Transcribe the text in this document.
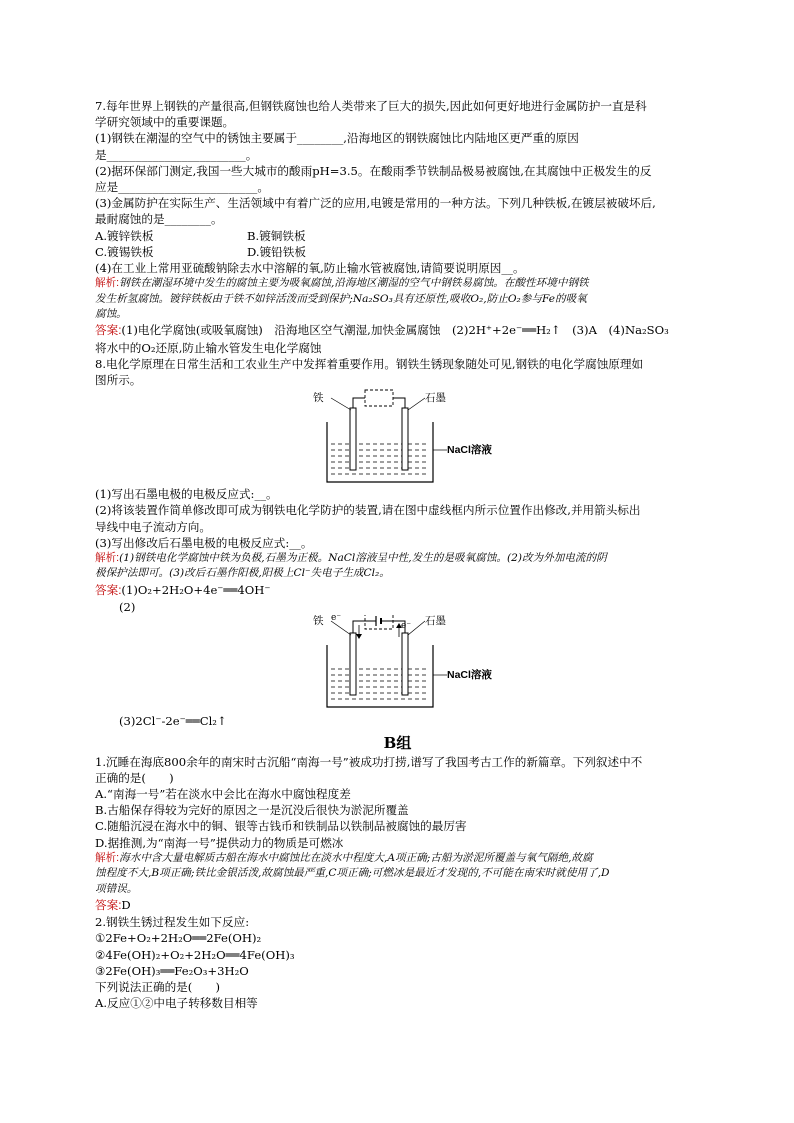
7.每年世界上钢铁的产量很高,但钢铁腐蚀也给人类带来了巨大的损失,因此如何更好地进行金属防护一直是科
学研究领域中的重要课题。
(1)钢铁在潮湿的空气中的锈蚀主要属于________,沿海地区的钢铁腐蚀比内陆地区更严重的原因
是________________________。
(2)据环保部门测定,我国一些大城市的酸雨pH=3.5。在酸雨季节铁制品极易被腐蚀,在其腐蚀中正极发生的反
应是________________________。
(3)金属防护在实际生产、生活领域中有着广泛的应用,电镀是常用的一种方法。下列几种铁板,在镀层被破坏后,
最耐腐蚀的是________。
A.镀锌铁板	B.镀铜铁板
C.镀锡铁板	D.镀铅铁板
(4)在工业上常用亚硫酸钠除去水中溶解的氧,防止输水管被腐蚀,请简要说明原因__。
解析:钢铁在潮湿环境中发生的腐蚀主要为吸氧腐蚀,沿海地区潮湿的空气中钢铁易腐蚀。在酸性环境中钢铁
发生析氢腐蚀。镀锌铁板由于铁不如锌活泼而受到保护;Na₂SO₃具有还原性,吸收O₂,防止O₂参与Fe的吸氧
腐蚀。
答案:(1)电化学腐蚀(或吸氧腐蚀)　沿海地区空气潮湿,加快金属腐蚀　(2)2H⁺+2e⁻══H₂↑　(3)A　(4)Na₂SO₃
将水中的O₂还原,防止输水管发生电化学腐蚀
8.电化学原理在日常生活和工农业生产中发挥着重要作用。钢铁生锈现象随处可见,钢铁的电化学腐蚀原理如
图所示。
铁	石墨
NaCl溶液
(1)写出石墨电极的电极反应式:__。
(2)将该装置作简单修改即可成为钢铁电化学防护的装置,请在图中虚线框内所示位置作出修改,并用箭头标出
导线中电子流动方向。
(3)写出修改后石墨电极的电极反应式:__。
解析:(1)钢铁电化学腐蚀中铁为负极,石墨为正极。NaCl溶液呈中性,发生的是吸氧腐蚀。(2)改为外加电流的阴
极保护法即可。(3)改后石墨作阳极,阳极上Cl⁻失电子生成Cl₂。
答案:(1)O₂+2H₂O+4e⁻══4OH⁻
(2)
铁 e⁻
e⁻ 石墨
NaCl溶液
(3)2Cl⁻-2e⁻══Cl₂↑
B组
1.沉睡在海底800余年的南宋时古沉船“南海一号”被成功打捞,谱写了我国考古工作的新篇章。下列叙述中不
正确的是(　　)
A.“南海一号”若在淡水中会比在海水中腐蚀程度差
B.古船保存得较为完好的原因之一是沉没后很快为淤泥所覆盖
C.随船沉浸在海水中的铜、银等古钱币和铁制品以铁制品被腐蚀的最厉害
D.据推测,为“南海一号”提供动力的物质是可燃冰
解析:海水中含大量电解质古船在海水中腐蚀比在淡水中程度大,A项正确;古船为淤泥所覆盖与氧气隔绝,故腐
蚀程度不大,B项正确;铁比金银活泼,故腐蚀最严重,C项正确;可燃冰是最近才发现的,不可能在南宋时就使用了,D
项错误。
答案:D
2.钢铁生锈过程发生如下反应:
①2Fe+O₂+2H₂O══2Fe(OH)₂
②4Fe(OH)₂+O₂+2H₂O══4Fe(OH)₃
③2Fe(OH)₃══Fe₂O₃+3H₂O
下列说法正确的是(　　)
A.反应①②中电子转移数目相等
